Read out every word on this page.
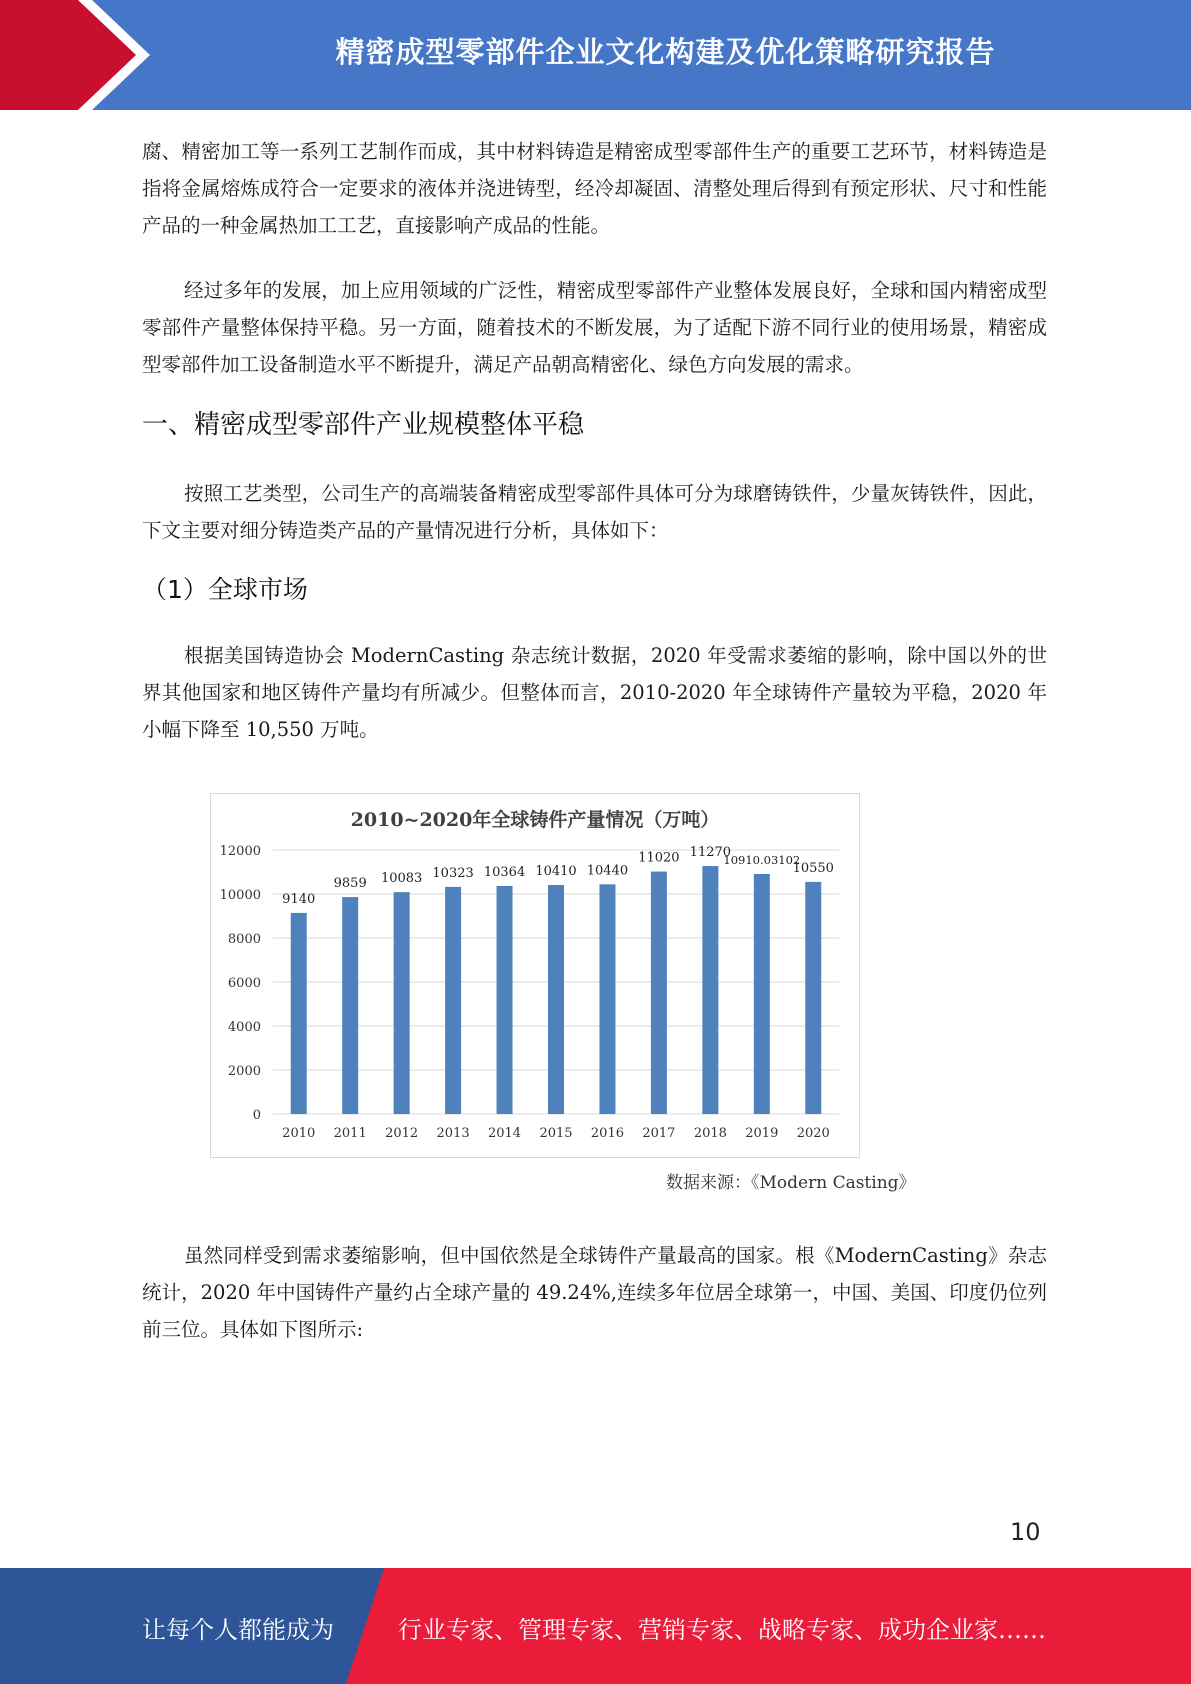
精密成型零部件企业文化构建及优化策略研究报告

腐、精密加工等一系列工艺制作而成，其中材料铸造是精密成型零部件生产的重要工艺环节，材料铸造是指将金属熔炼成符合一定要求的液体并浇进铸型，经冷却凝固、清整处理后得到有预定形状、尺寸和性能产品的一种金属热加工工艺，直接影响产成品的性能。

经过多年的发展，加上应用领域的广泛性，精密成型零部件产业整体发展良好，全球和国内精密成型零部件产量整体保持平稳。另一方面，随着技术的不断发展，为了适配下游不同行业的使用场景，精密成型零部件加工设备制造水平不断提升，满足产品朝高精密化、绿色方向发展的需求。

一、精密成型零部件产业规模整体平稳

按照工艺类型，公司生产的高端装备精密成型零部件具体可分为球磨铸铁件，少量灰铸铁件，因此，下文主要对细分铸造类产品的产量情况进行分析，具体如下：

（1）全球市场

根据美国铸造协会 ModernCasting 杂志统计数据，2020 年受需求萎缩的影响，除中国以外的世界其他国家和地区铸件产量均有所减少。但整体而言，2010-2020 年全球铸件产量较为平稳，2020 年小幅下降至 10,550 万吨。

2010~2020年全球铸件产量情况（万吨）
0
2000
4000
6000
8000
10000
12000
9140
9859 10083 10323 10364 10410 10440
11020 11270
10910.03102
10550
2010 2011 2012 2013 2014 2015 2016 2017 2018 2019 2020
数据来源：《Modern Casting》

虽然同样受到需求萎缩影响，但中国依然是全球铸件产量最高的国家。根《ModernCasting》杂志统计，2020 年中国铸件产量约占全球产量的 49.24%,连续多年位居全球第一，中国、美国、印度仍位列前三位。具体如下图所示:

10
让每个人都能成为	行业专家、管理专家、营销专家、战略专家、成功企业家……
